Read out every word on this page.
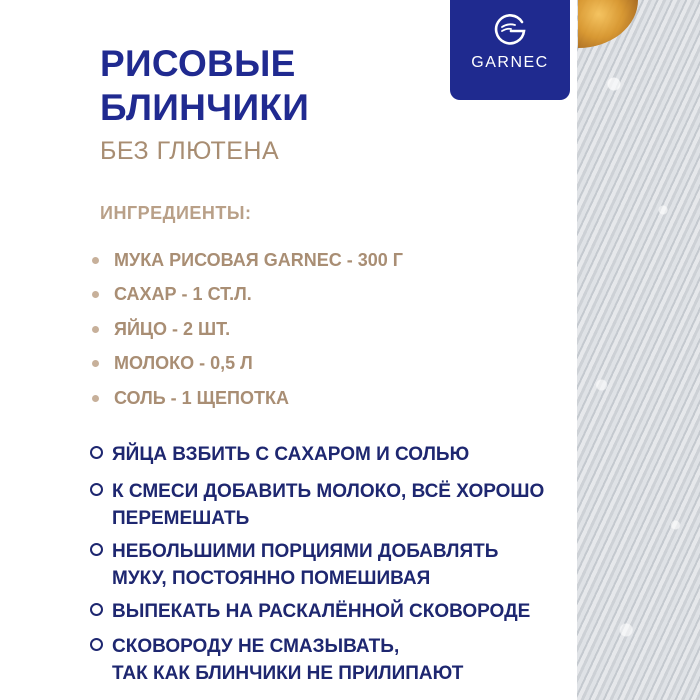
GARNEC
РИСОВЫЕ
БЛИНЧИКИ
БЕЗ ГЛЮТЕНА
ИНГРЕДИЕНТЫ:
МУКА РИСОВАЯ GARNEC - 300 Г
САХАР - 1 СТ.Л.
ЯЙЦО - 2 ШТ.
МОЛОКО - 0,5 Л
СОЛЬ - 1 ЩЕПОТКА
ЯЙЦА ВЗБИТЬ С САХАРОМ И СОЛЬЮ
К СМЕСИ ДОБАВИТЬ МОЛОКО, ВСЁ ХОРОШО
ПЕРЕМЕШАТЬ
НЕБОЛЬШИМИ ПОРЦИЯМИ ДОБАВЛЯТЬ
МУКУ, ПОСТОЯННО ПОМЕШИВАЯ
ВЫПЕКАТЬ НА РАСКАЛЁННОЙ СКОВОРОДЕ
СКОВОРОДУ НЕ СМАЗЫВАТЬ,
ТАК КАК БЛИНЧИКИ НЕ ПРИЛИПАЮТ
